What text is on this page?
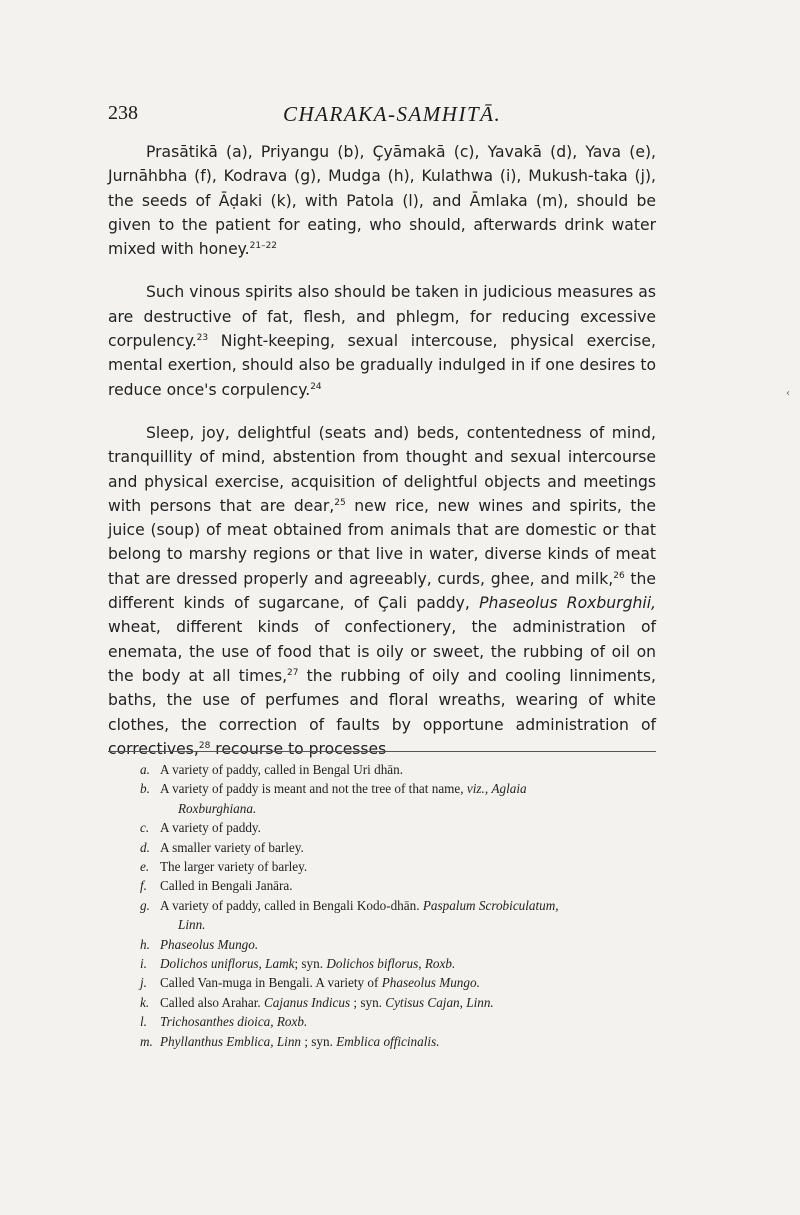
238	CHARAKA-SAMHITĀ.

Prasātikā (a), Priyangu (b), Çyāmakā (c), Yavakā (d), Yava (e), Jurnāhbha (f), Kodrava (g), Mudga (h), Kulathwa (i), Mukush-taka (j), the seeds of Āḍaki (k), with Patola (l), and Āmlaka (m), should be given to the patient for eating, who should, afterwards drink water mixed with honey.$^{21-22}$

Such vinous spirits also should be taken in judicious measures as are destructive of fat, flesh, and phlegm, for reducing excessive corpulency.$^{23}$ Night-keeping, sexual intercouse, physical exercise, mental exertion, should also be gradually indulged in if one desires to reduce once's corpulency.$^{24}$

Sleep, joy, delightful (seats and) beds, contentedness of mind, tranquillity of mind, abstention from thought and sexual intercourse and physical exercise, acquisition of delightful objects and meetings with persons that are dear,$^{25}$ new rice, new wines and spirits, the juice (soup) of meat obtained from animals that are domestic or that belong to marshy regions or that live in water, diverse kinds of meat that are dressed properly and agreeably, curds, ghee, and milk,$^{26}$ the different kinds of sugarcane, of Çali paddy, Phaseolus Roxburghii, wheat, different kinds of confectionery, the administration of enemata, the use of food that is oily or sweet, the rubbing of oil on the body at all times,$^{27}$ the rubbing of oily and cooling linniments, baths, the use of perfumes and floral wreaths, wearing of white clothes, the correction of faults by opportune administration of correctives,$^{28}$ recourse to processes

a. A variety of paddy, called in Bengal Uri dhān.
b. A variety of paddy is meant and not the tree of that name, viz., Aglaia
Roxburghiana.
c. A variety of paddy.
d. A smaller variety of barley.
e. The larger variety of barley.
f. Called in Bengali Janāra.
g. A variety of paddy, called in Bengali Kodo-dhān. Paspalum Scrobiculatum,
Linn.
h. Phaseolus Mungo.
i. Dolichos uniflorus, Lamk; syn. Dolichos biflorus, Roxb.
j. Called Van-muga in Bengali. A variety of Phaseolus Mungo.
k. Called also Arahar. Cajanus Indicus ; syn. Cytisus Cajan, Linn.
l. Trichosanthes dioica, Roxb.
m. Phyllanthus Emblica, Linn ; syn. Emblica officinalis.
‹
